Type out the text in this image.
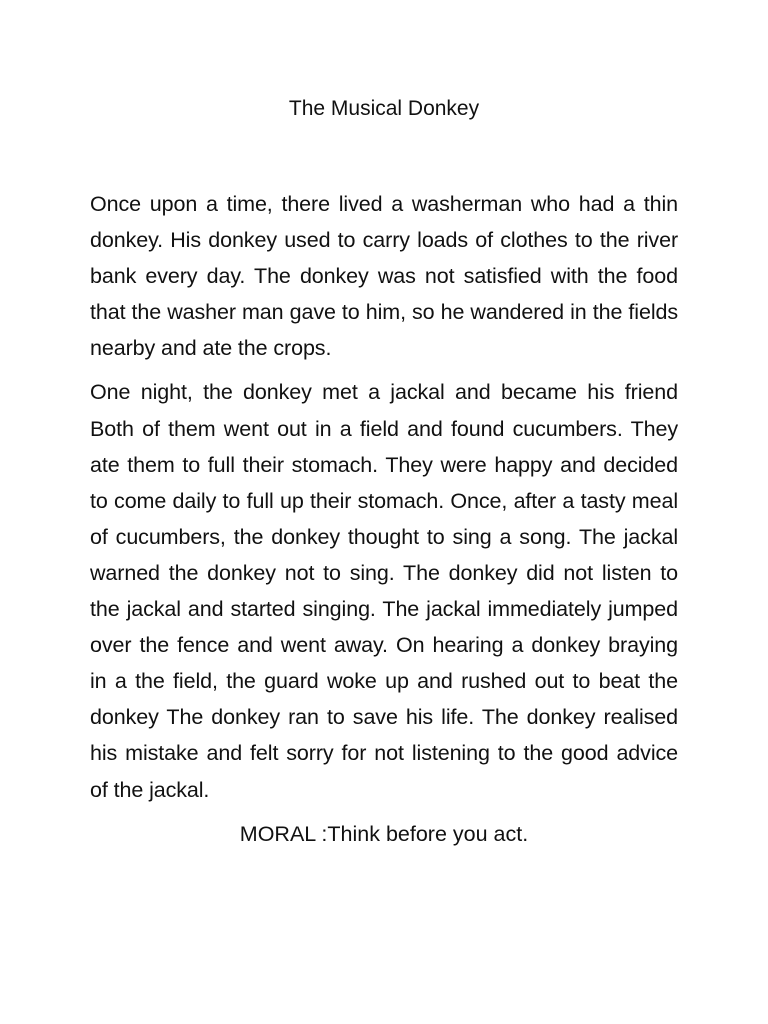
The Musical Donkey

Once upon a time, there lived a washerman who had a thin donkey. His donkey used to carry loads of clothes to the river bank every day. The donkey was not satisfied with the food that the washer man gave to him, so he wandered in the fields nearby and ate the crops.

One night, the donkey met a jackal and became his friend Both of them went out in a field and found cucumbers. They ate them to full their stomach. They were happy and decided to come daily to full up their stomach. Once, after a tasty meal of cucumbers, the donkey thought to sing a song. The jackal warned the donkey not to sing. The donkey did not listen to the jackal and started singing. The jackal immediately jumped over the fence and went away. On hearing a donkey braying in a the field, the guard woke up and rushed out to beat the donkey The donkey ran to save his life. The donkey realised his mistake and felt sorry for not listening to the good advice of the jackal.

MORAL :Think before you act.
